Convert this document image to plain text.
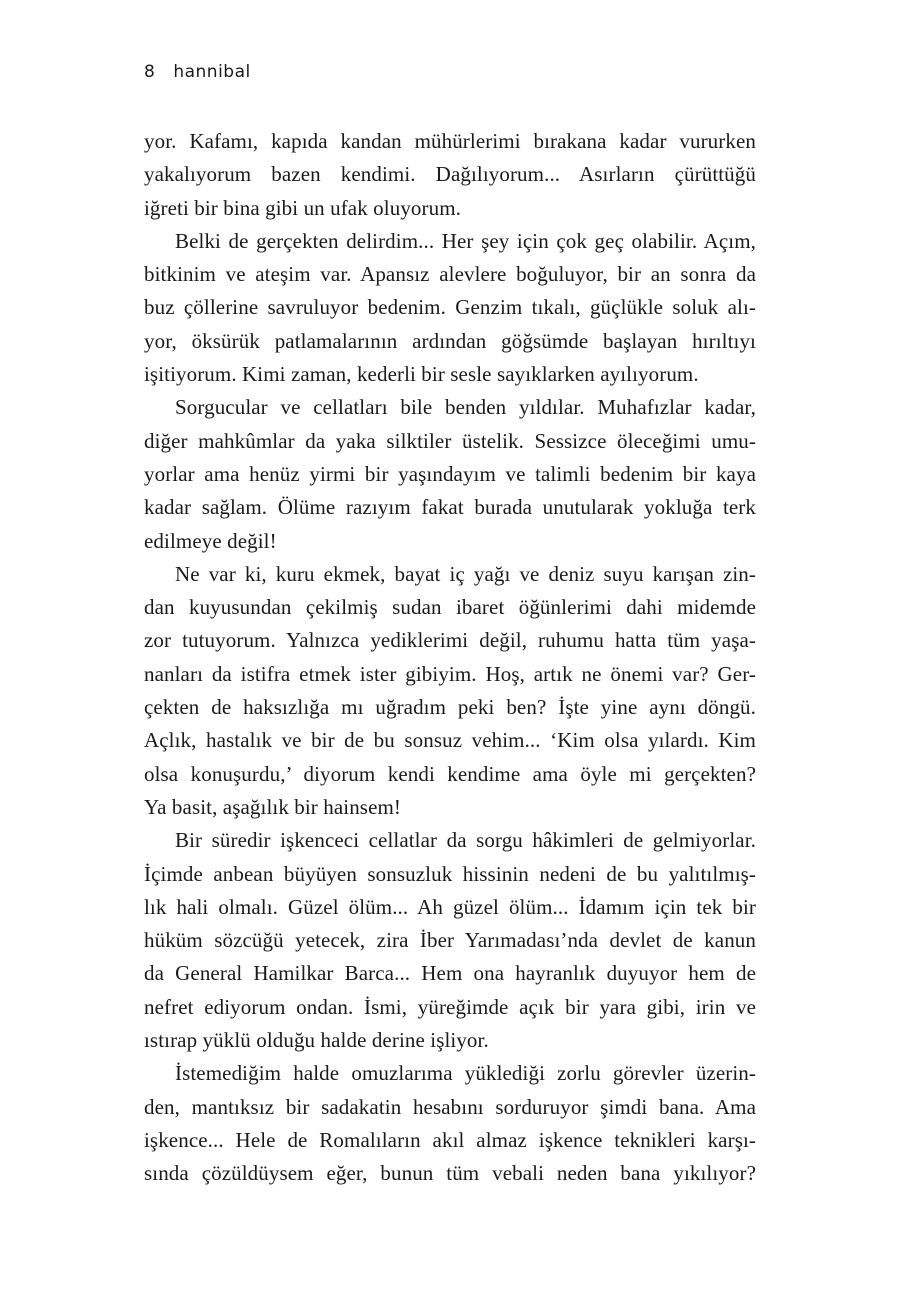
8 hannibal

yor. Kafamı, kapıda kandan mühürlerimi bırakana kadar vururken
yakalıyorum bazen kendimi. Dağılıyorum... Asırların çürüttüğü
iğreti bir bina gibi un ufak oluyorum.

Belki de gerçekten delirdim... Her şey için çok geç olabilir. Açım,
bitkinim ve ateşim var. Apansız alevlere boğuluyor, bir an sonra da
buz çöllerine savruluyor bedenim. Genzim tıkalı, güçlükle soluk alı-
yor, öksürük patlamalarının ardından göğsümde başlayan hırıltıyı
işitiyorum. Kimi zaman, kederli bir sesle sayıklarken ayılıyorum.

Sorgucular ve cellatları bile benden yıldılar. Muhafızlar kadar,
diğer mahkûmlar da yaka silktiler üstelik. Sessizce öleceğimi umu-
yorlar ama henüz yirmi bir yaşındayım ve talimli bedenim bir kaya
kadar sağlam. Ölüme razıyım fakat burada unutularak yokluğa terk
edilmeye değil!

Ne var ki, kuru ekmek, bayat iç yağı ve deniz suyu karışan zin-
dan kuyusundan çekilmiş sudan ibaret öğünlerimi dahi midemde
zor tutuyorum. Yalnızca yediklerimi değil, ruhumu hatta tüm yaşa-
nanları da istifra etmek ister gibiyim. Hoş, artık ne önemi var? Ger-
çekten de haksızlığa mı uğradım peki ben? İşte yine aynı döngü.
Açlık, hastalık ve bir de bu sonsuz vehim... ‘Kim olsa yılardı. Kim
olsa konuşurdu,’ diyorum kendi kendime ama öyle mi gerçekten?
Ya basit, aşağılık bir hainsem!

Bir süredir işkenceci cellatlar da sorgu hâkimleri de gelmiyorlar.
İçimde anbean büyüyen sonsuzluk hissinin nedeni de bu yalıtılmış-
lık hali olmalı. Güzel ölüm... Ah güzel ölüm... İdamım için tek bir
hüküm sözcüğü yetecek, zira İber Yarımadası’nda devlet de kanun
da General Hamilkar Barca... Hem ona hayranlık duyuyor hem de
nefret ediyorum ondan. İsmi, yüreğimde açık bir yara gibi, irin ve
ıstırap yüklü olduğu halde derine işliyor.

İstemediğim halde omuzlarıma yüklediği zorlu görevler üzerin-
den, mantıksız bir sadakatin hesabını sorduruyor şimdi bana. Ama
işkence... Hele de Romalıların akıl almaz işkence teknikleri karşı-
sında çözüldüysem eğer, bunun tüm vebali neden bana yıkılıyor?
